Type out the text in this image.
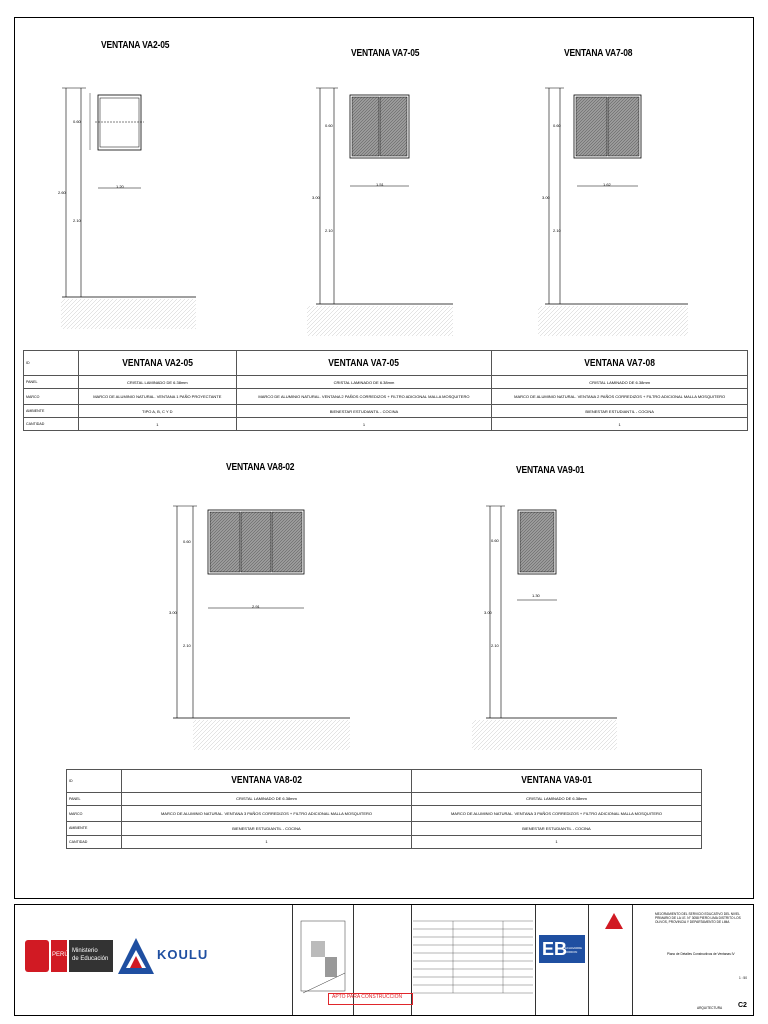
VENTANA VA2-05
VENTANA VA7-05	VENTANA VA7-08
0.60
2.60
2.10
1.20
0.60
3.00
2.10
1.51
0.60
3.00
2.10
1.62
ID	VENTANA VA2-05	VENTANA VA7-05	VENTANA VA7-08
PANEL	CRISTAL LAMINADO DE 6.38mm	CRISTAL LAMINADO DE 6.38mm	CRISTAL LAMINADO DE 6.38mm
MARCO	MARCO DE ALUMINIO NATURAL. VENTANA 1 PAÑO PROYECTANTE	MARCO DE ALUMINIO NATURAL. VENTANA 2 PAÑOS CORREDIZOS + FILTRO ADICIONAL MALLA MOSQUITERO	MARCO DE ALUMINIO NATURAL. VENTANA 2 PAÑOS CORREDIZOS + FILTRO ADICIONAL MALLA MOSQUITERO
AMBIENTE	TIPO A, B, C Y D	BIENESTAR ESTUDIANTIL - COCINA	BIENESTAR ESTUDIANTIL - COCINA
CANTIDAD	1	1	1
VENTANA VA8-02	VENTANA VA9-01
0.60
3.00
2.10
2.91
0.60
3.00
2.10
1.30
ID	VENTANA VA8-02	VENTANA VA9-01
PANEL	CRISTAL LAMINADO DE 6.38mm	CRISTAL LAMINADO DE 6.38mm
MARCO	MARCO DE ALUMINIO NATURAL. VENTANA 3 PAÑOS CORREDIZOS + FILTRO ADICIONAL MALLA MOSQUITERO	MARCO DE ALUMINIO NATURAL. VENTANA 3 PAÑOS CORREDIZOS + FILTRO ADICIONAL MALLA MOSQUITERO
AMBIENTE	BIENESTAR ESTUDIANTIL - COCINA	BIENESTAR ESTUDIANTIL - COCINA
CANTIDAD	1	1
PERÚ
Ministerio
de Educación	KOULU
APTO PARA CONSTRUCCIÓN
EB
ECHAVARRE BORDON
MEJORAMIENTO DEL SERVICIO EDUCATIVO DEL NIVEL PRIMARIO DE LA I.E. N° 3058 PIERO LIMA DISTRITO LOS OLIVOS, PROVINCIA Y DEPARTAMENTO DE LIMA
Plano de Detalles Constructivos de Ventanas IV
ARQUITECTURA
1 : 50
C2
